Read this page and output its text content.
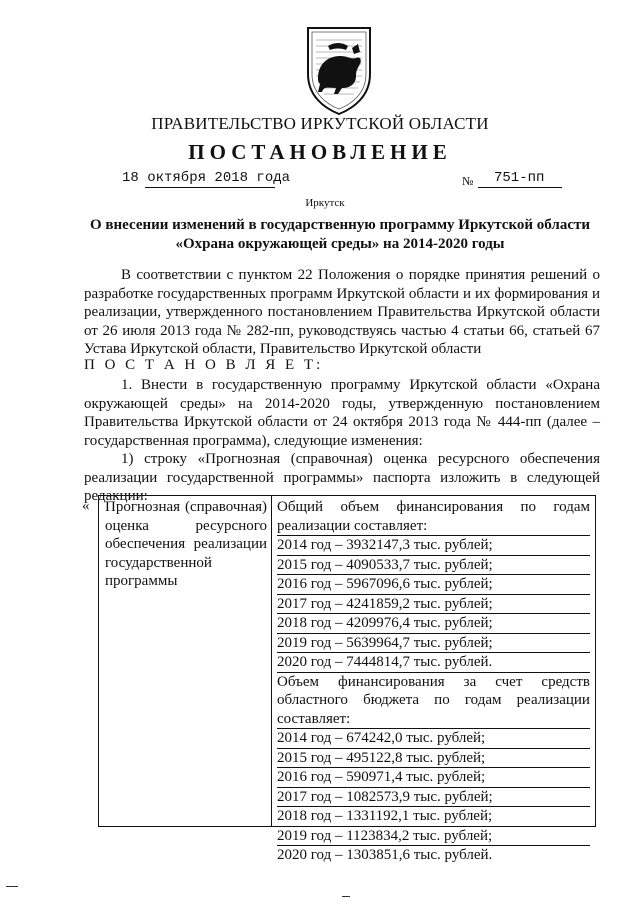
ПРАВИТЕЛЬСТВО ИРКУТСКОЙ ОБЛАСТИ
ПОСТАНОВЛЕНИЕ
18 октября 2018 года	№ 751-пп
Иркутск
О внесении изменений в государственную программу Иркутской области
«Охрана окружающей среды» на 2014-2020 годы
В соответствии с пунктом 22 Положения о порядке принятия решений о разработке государственных программ Иркутской области и их формирования и реализации, утвержденного постановлением Правительства Иркутской области от 26 июля 2013 года № 282-пп, руководствуясь частью 4 статьи 66, статьей 67 Устава Иркутской области, Правительство Иркутской области
П О С Т А Н О В Л Я Е Т:
1. Внести в государственную программу Иркутской области «Охрана окружающей среды» на 2014-2020 годы, утвержденную постановлением Правительства Иркутской области от 24 октября 2013 года № 444-пп (далее – государственная программа), следующие изменения:
1) строку «Прогнозная (справочная) оценка ресурсного обеспечения реализации государственной программы» паспорта изложить в следующей редакции:
« Прогнозная (справочная) оценка ресурсного обеспечения реализации государственной программы
Общий объем финансирования по годам
реализации составляет:
2014 год – 3932147,3 тыс. рублей;
2015 год – 4090533,7 тыс. рублей;
2016 год – 5967096,6 тыс. рублей;
2017 год – 4241859,2 тыс. рублей;
2018 год – 4209976,4 тыс. рублей;
2019 год – 5639964,7 тыс. рублей;
2020 год – 7444814,7 тыс. рублей.
Объем финансирования за счет средств
областного бюджета по годам реализации
составляет:
2014 год – 674242,0 тыс. рублей;
2015 год – 495122,8 тыс. рублей;
2016 год – 590971,4 тыс. рублей;
2017 год – 1082573,9 тыс. рублей;
2018 год – 1331192,1 тыс. рублей;
2019 год – 1123834,2 тыс. рублей;
2020 год – 1303851,6 тыс. рублей.
